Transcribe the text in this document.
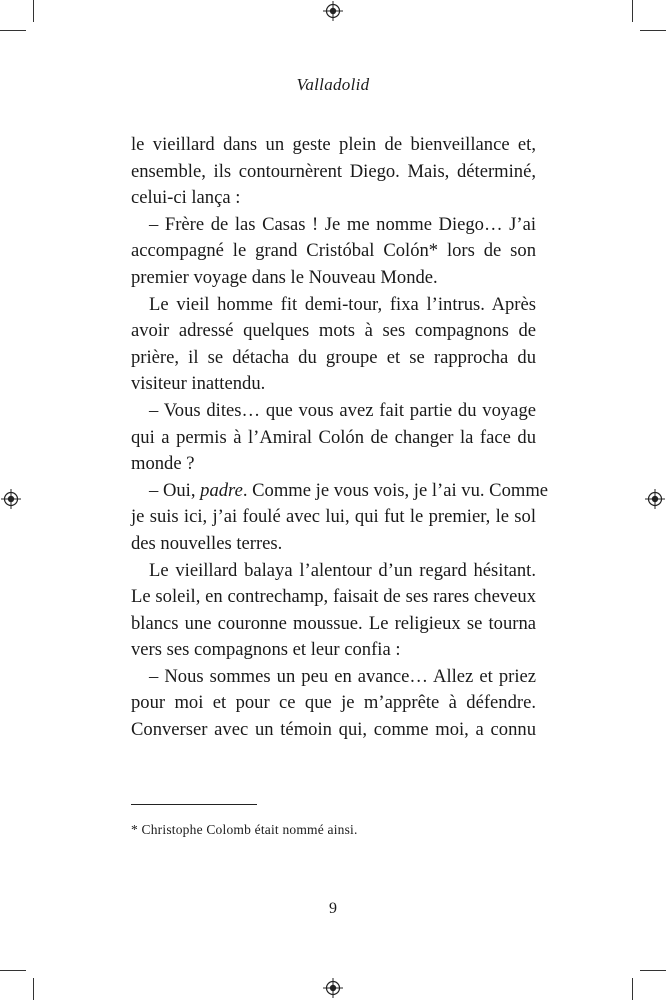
Valladolid
le vieillard dans un geste plein de bienveillance et,
ensemble, ils contournèrent Diego. Mais, déterminé,
celui-ci lança :
– Frère de las Casas ! Je me nomme Diego… J’ai
accompagné le grand Cristóbal Colón* lors de son
premier voyage dans le Nouveau Monde.
Le vieil homme fit demi-tour, fixa l’intrus. Après
avoir adressé quelques mots à ses compagnons de
prière, il se détacha du groupe et se rapprocha du
visiteur inattendu.
– Vous dites… que vous avez fait partie du voyage
qui a permis à l’Amiral Colón de changer la face du
monde ?
– Oui, padre. Comme je vous vois, je l’ai vu. Comme
je suis ici, j’ai foulé avec lui, qui fut le premier, le sol
des nouvelles terres.
Le vieillard balaya l’alentour d’un regard hésitant.
Le soleil, en contrechamp, faisait de ses rares cheveux
blancs une couronne moussue. Le religieux se tourna
vers ses compagnons et leur confia :
– Nous sommes un peu en avance… Allez et priez
pour moi et pour ce que je m’apprête à défendre.
Converser avec un témoin qui, comme moi, a connu
* Christophe Colomb était nommé ainsi.
9
